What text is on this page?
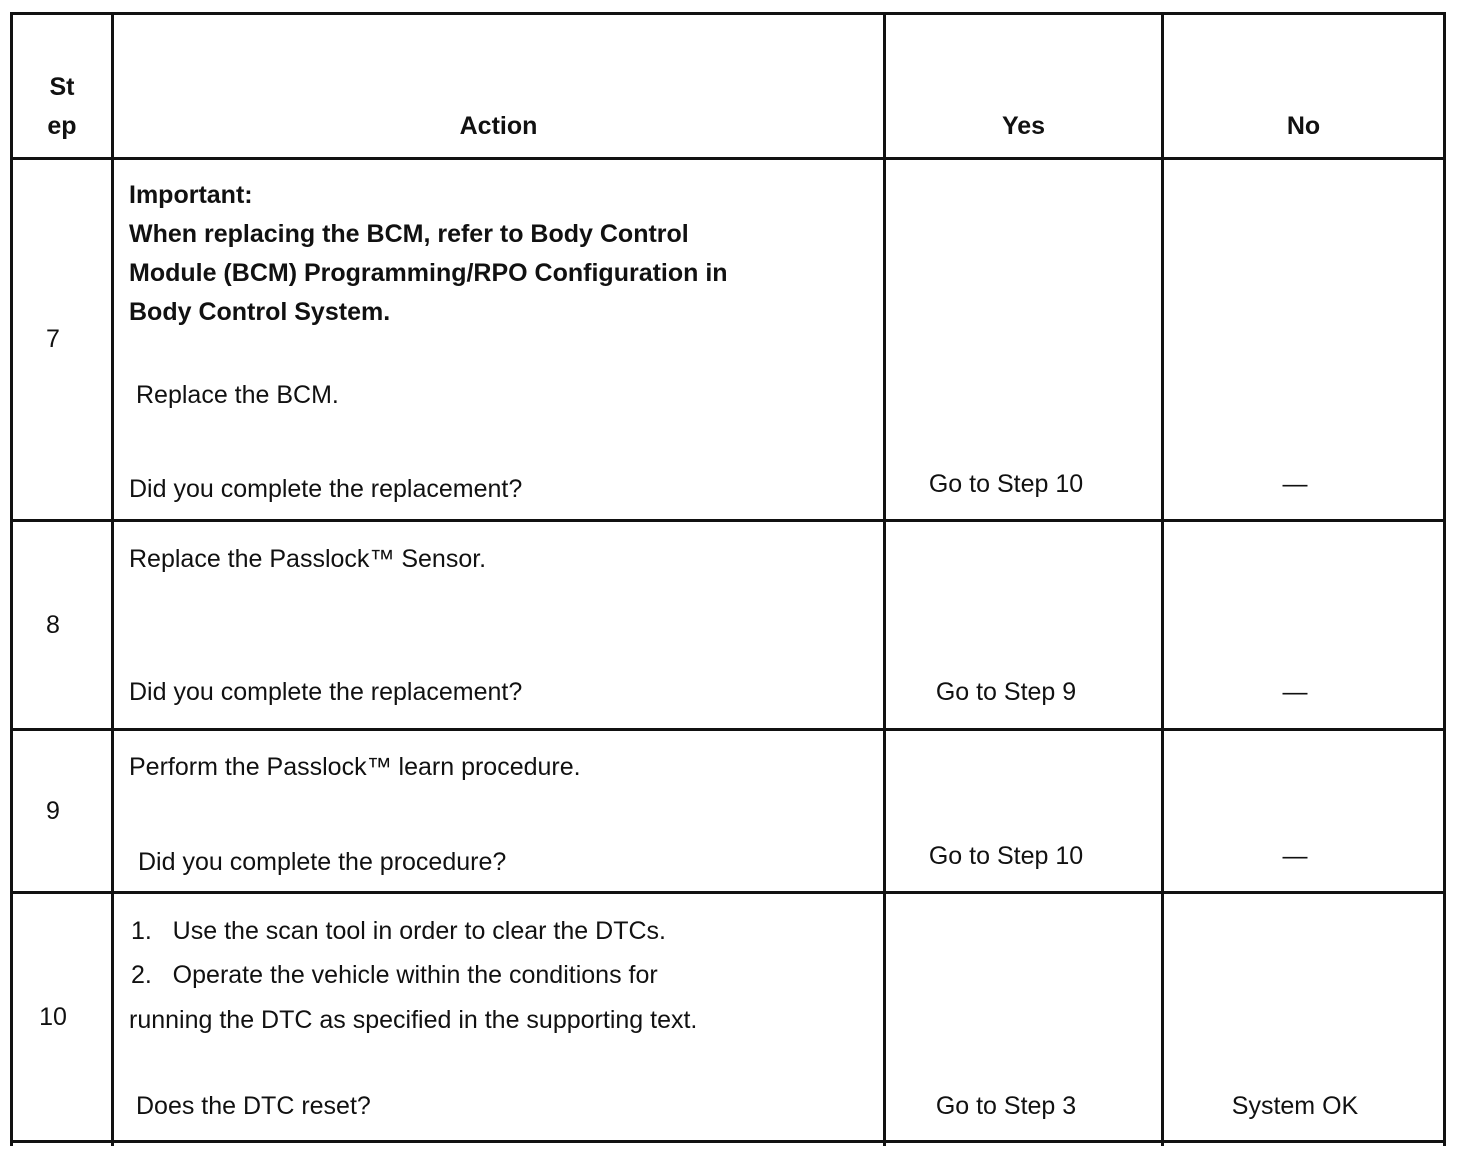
St
ep	Action	Yes	No
7
Important:
When replacing the BCM, refer to Body Control
Module (BCM) Programming/RPO Configuration in
Body Control System.
Replace the BCM.
Did you complete the replacement?	Go to Step 10	—
8
Replace the Passlock™ Sensor.
Did you complete the replacement?	Go to Step 9	—
9
Perform the Passlock™ learn procedure.
Did you complete the procedure?	Go to Step 10	—
10
1.   Use the scan tool in order to clear the DTCs.
2.   Operate the vehicle within the conditions for
running the DTC as specified in the supporting text.
Does the DTC reset?	Go to Step 3	System OK
